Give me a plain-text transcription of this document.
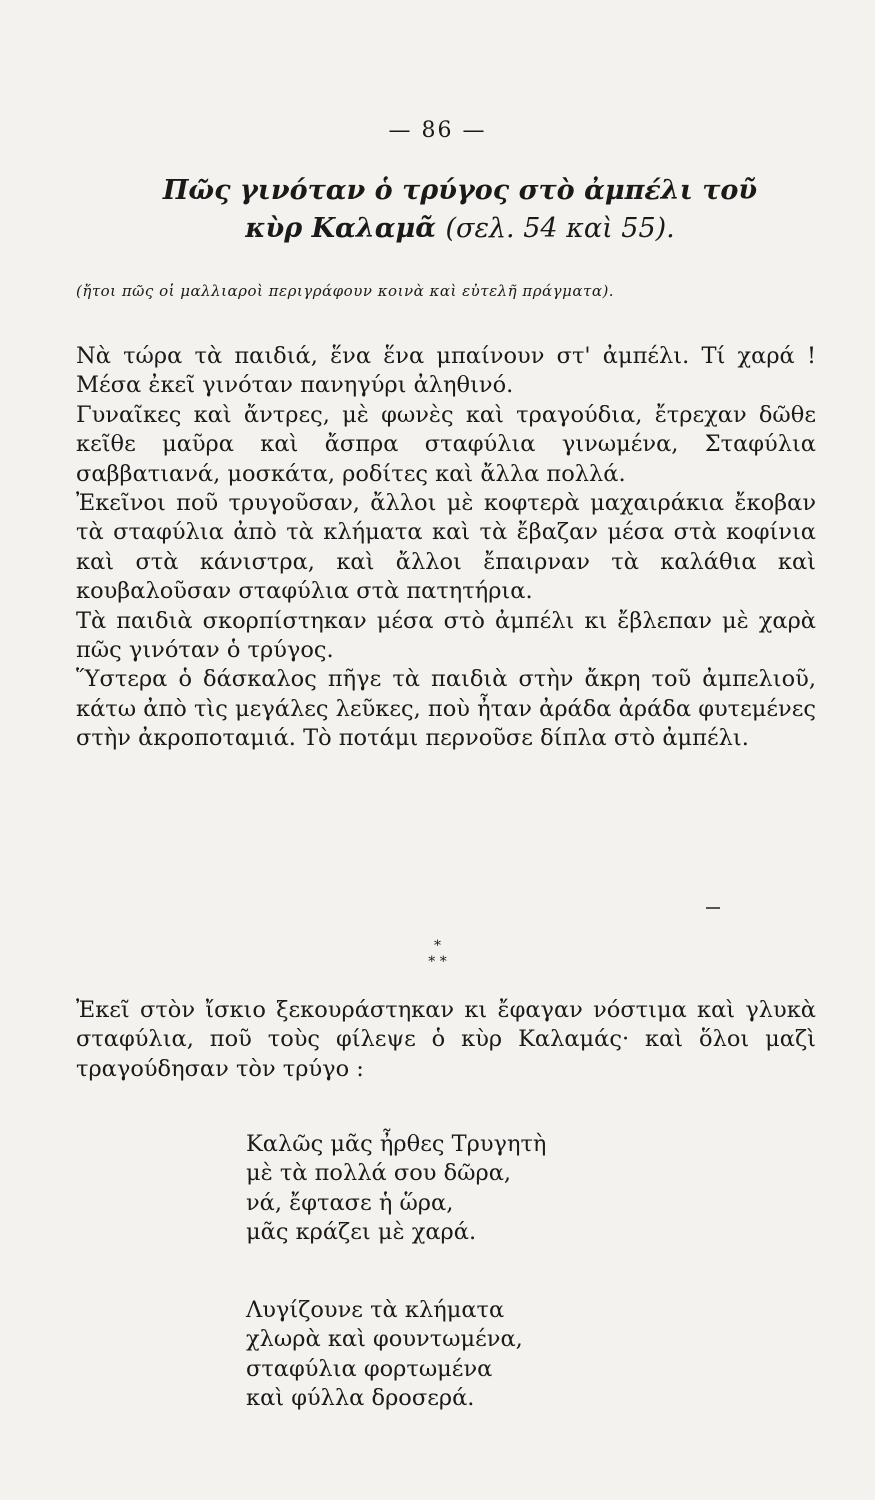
— 86 —
Πῶς γινόταν ὁ τρύγος στὸ ἀμπέλι τοῦ
κὺρ Καλαμᾶ (σελ. 54 καὶ 55).
(ἤτοι πῶς οἱ μαλλιαροὶ περιγράφουν κοινὰ καὶ εὐτελῆ πράγματα).

Νὰ τώρα τὰ παιδιά, ἕνα ἕνα μπαίνουν στ' ἀμπέλι. Τί χαρά ! Μέσα ἐκεῖ γινόταν πανηγύρι ἀληθινό.

Γυναῖκες καὶ ἄντρες, μὲ φωνὲς καὶ τραγούδια, ἔτρεχαν δῶθε κεῖθε μαῦρα καὶ ἄσπρα σταφύλια γινωμένα, Σταφύλια σαββατιανά, μοσκάτα, ροδίτες καὶ ἄλλα πολλά.

Ἐκεῖνοι ποῦ τρυγοῦσαν, ἄλλοι μὲ κοφτερὰ μαχαιράκια ἔκοβαν τὰ σταφύλια ἀπὸ τὰ κλήματα καὶ τὰ ἔβαζαν μέσα στὰ κοφίνια καὶ στὰ κάνιστρα, καὶ ἄλλοι ἔπαιρναν τὰ καλάθια καὶ κουβαλοῦσαν σταφύλια στὰ πατητήρια.

Τὰ παιδιὰ σκορπίστηκαν μέσα στὸ ἀμπέλι κι ἔβλεπαν μὲ χαρὰ πῶς γινόταν ὁ τρύγος.

Ὕστερα ὁ δάσκαλος πῆγε τὰ παιδιὰ στὴν ἄκρη τοῦ ἀμπελιοῦ, κάτω ἀπὸ τὶς μεγάλες λεῦκες, ποὺ ἦταν ἀράδα ἀράδα φυτεμένες στὴν ἀκροποταμιά. Τὸ ποτάμι περνοῦσε δίπλα στὸ ἀμπέλι.

*
* *

Ἐκεῖ στὸν ἴσκιο ξεκουράστηκαν κι ἔφαγαν νόστιμα καὶ γλυκὰ σταφύλια, ποῦ τοὺς φίλεψε ὁ κὺρ Καλαμάς· καὶ ὅλοι μαζὶ τραγούδησαν τὸν τρύγο :

Καλῶς μᾶς ἦρθες Τρυγητὴ
μὲ τὰ πολλά σου δῶρα,
νά, ἔφτασε ἡ ὥρα,
μᾶς κράζει μὲ χαρά.
Λυγίζουνε τὰ κλήματα
χλωρὰ καὶ φουντωμένα,
σταφύλια φορτωμένα
καὶ φύλλα δροσερά.
